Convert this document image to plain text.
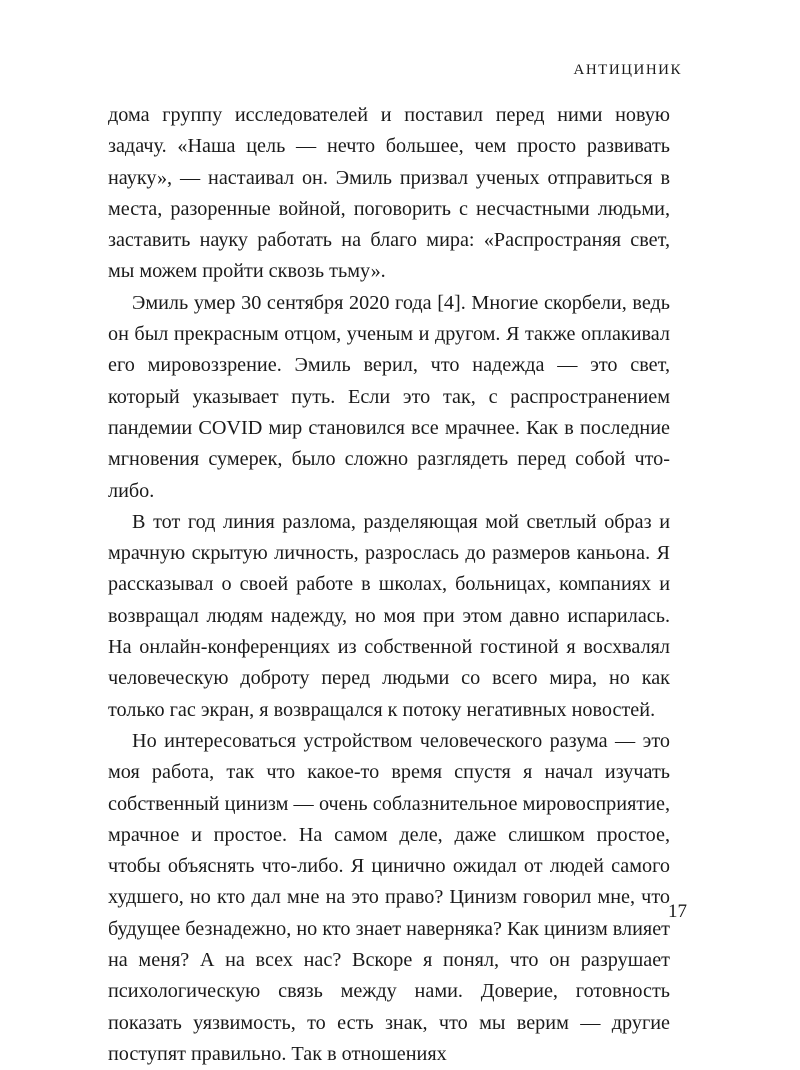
АНТИЦИНИК

дома группу исследователей и поставил перед ними новую задачу. «Наша цель — нечто большее, чем просто развивать науку», — настаивал он. Эмиль призвал ученых отправиться в места, разоренные войной, поговорить с несчастными людьми, заставить науку работать на благо мира: «Распространяя свет, мы можем пройти сквозь тьму».

Эмиль умер 30 сентября 2020 года [4]. Многие скорбели, ведь он был прекрасным отцом, ученым и другом. Я также оплакивал его мировоззрение. Эмиль верил, что надежда — это свет, который указывает путь. Если это так, с распространением пандемии COVID мир становился все мрачнее. Как в последние мгновения сумерек, было сложно разглядеть перед собой что-либо.

В тот год линия разлома, разделяющая мой светлый образ и мрачную скрытую личность, разрослась до размеров каньона. Я рассказывал о своей работе в школах, больницах, компаниях и возвращал людям надежду, но моя при этом давно испарилась. На онлайн-конференциях из собственной гостиной я восхвалял человеческую доброту перед людьми со всего мира, но как только гас экран, я возвращался к потоку негативных новостей.

Но интересоваться устройством человеческого разума — это моя работа, так что какое-то время спустя я начал изучать собственный цинизм — очень соблазнительное мировосприятие, мрачное и простое. На самом деле, даже слишком простое, чтобы объяснять что-либо. Я цинично ожидал от людей самого худшего, но кто дал мне на это право? Цинизм говорил мне, что будущее безнадежно, но кто знает наверняка? Как цинизм влияет на меня? А на всех нас? Вскоре я понял, что он разрушает психологическую связь между нами. Доверие, готовность показать уязвимость, то есть знак, что мы верим — другие поступят правильно. Так в отношениях

17
